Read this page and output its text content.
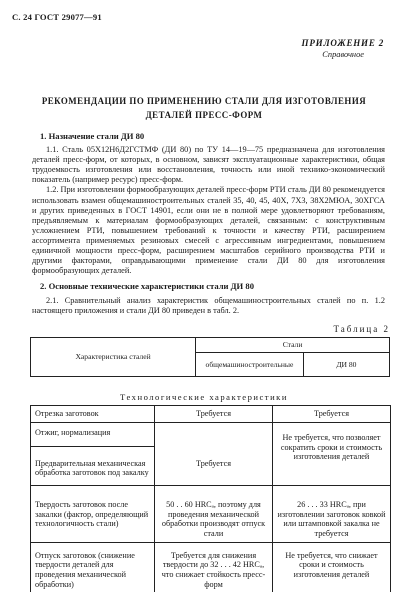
С. 24 ГОСТ 29077—91
ПРИЛОЖЕНИЕ 2
Справочное
РЕКОМЕНДАЦИИ ПО ПРИМЕНЕНИЮ СТАЛИ ДЛЯ ИЗГОТОВЛЕНИЯ
ДЕТАЛЕЙ ПРЕСС-ФОРМ
1. Назначение стали ДИ 80

1.1. Сталь 05Х12Н6Д2ГСТМФ (ДИ 80) по ТУ 14—19—75 предназначена для изготовления деталей пресс-форм, от которых, в основном, зависят эксплуатационные характеристики, общая трудоемкость изготовления или восстановления, точность или иной технико-экономический показатель (например ресурс) пресс-форм.

1.2. При изготовлении формообразующих деталей пресс-форм РТИ сталь ДИ 80 рекомендуется использовать взамен общемашиностроительных сталей 35, 40, 45, 40Х, 7Х3, 38Х2МЮА, 30ХГСА и других приведенных в ГОСТ 14901, если они не в полной мере удовлетворяют требованиям, предъявляемым к материалам формообразующих деталей, связанным: с конструктивным усложнением РТИ, повышением требований к точности и качеству РТИ, расширением ассортимента применяемых резиновых смесей с агрессивным ингредиентами, повышением единичной мощности пресс-форм, расширением масштабов серийного производства РТИ и другими факторами, оправдывающими применение стали ДИ 80 для изготовления формообразующих деталей.

2. Основные технические характеристики стали ДИ 80

2.1. Сравнительный анализ характеристик общемашиностроительных сталей по п. 1.2 настоящего приложения и стали ДИ 80 приведен в табл. 2.

Таблица 2
Характеристика сталей	Стали	
	общемашиностроительные	ДИ 80
Технологические характеристики
Отрезка заготовок	Требуется	Требуется

Отжиг, нормализация
Предварительная механическая обработка заготовок под закалку	Требуется	Не требуется, что позволяет сократить сроки и стоимость изготовления деталей
Твердость заготовок после закалки (фактор, определяющий технологичность стали)	50 . . 60 HRCₐ, поэтому для проведения механической обработки производят отпуск стали	26 . . . 33 HRCₐ, при изготовлении заготовок ковкой или штамповкой закалка не требуется
Отпуск заготовок (снижение твердости деталей для проведения механической обработки)	Требуется для снижения твердости до 32 . . . 42 HRCₐ, что снижает стойкость пресс-форм	Не требуется, что снижает сроки и стоимость изготовления деталей
